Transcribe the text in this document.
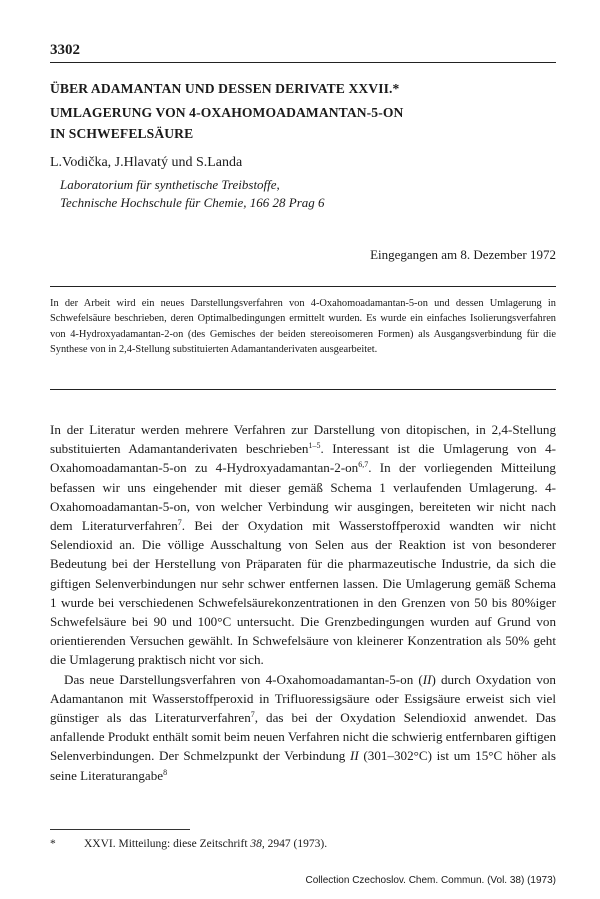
3302

ÜBER ADAMANTAN UND DESSEN DERIVATE XXVII.*

UMLAGERUNG VON 4-OXAHOMOADAMANTAN-5-ON

IN SCHWEFELSÄURE

L.Vodička, J.Hlavatý und S.Landa

Laboratorium für synthetische Treibstoffe,

Technische Hochschule für Chemie, 166 28 Prag 6

Eingegangen am 8. Dezember 1972
In der Arbeit wird ein neues Darstellungsverfahren von 4-Oxahomoadamantan-5-on und dessen Umlagerung in Schwefelsäure beschrieben, deren Optimalbedingungen ermittelt wurden. Es wurde ein einfaches Isolierungsverfahren von 4-Hydroxyadamantan-2-on (des Gemisches der beiden stereoisomeren Formen) als Ausgangsverbindung für die Synthese von in 2,4-Stellung substituierten Adamantanderivaten ausgearbeitet.

In der Literatur werden mehrere Verfahren zur Darstellung von ditopischen, in 2,4-Stellung substituierten Adamantanderivaten beschrieben$^{1-5}$. Interessant ist die Umlagerung von 4-Oxahomoadamantan-5-on zu 4-Hydroxyadamantan-2-on$^{6,7}$. In der vorliegenden Mitteilung befassen wir uns eingehender mit dieser gemäß Schema 1 verlaufenden Umlagerung. 4-Oxahomoadamantan-5-on, von welcher Verbindung wir ausgingen, bereiteten wir nicht nach dem Literaturverfahren$^7$. Bei der Oxydation mit Wasserstoffperoxid wandten wir nicht Selendioxid an. Die völlige Ausschaltung von Selen aus der Reaktion ist von besonderer Bedeutung bei der Herstellung von Präparaten für die pharmazeutische Industrie, da sich die giftigen Selenverbindungen nur sehr schwer entfernen lassen. Die Umlagerung gemäß Schema 1 wurde bei verschiedenen Schwefelsäurekonzentrationen in den Grenzen von 50 bis 80%iger Schwefelsäure bei 90 und 100°C untersucht. Die Grenzbedingungen wurden auf Grund von orientierenden Versuchen gewählt. In Schwefelsäure von kleinerer Konzentration als 50% geht die Umlagerung praktisch nicht vor sich.

Das neue Darstellungsverfahren von 4-Oxahomoadamantan-5-on (II) durch Oxydation von Adamantanon mit Wasserstoffperoxid in Trifluoressigsäure oder Essigsäure erweist sich viel günstiger als das Literaturverfahren$^7$, das bei der Oxydation Selendioxid anwendet. Das anfallende Produkt enthält somit beim neuen Verfahren nicht die schwierig entfernbaren giftigen Selenverbindungen. Der Schmelzpunkt der Verbindung II (301–302°C) ist um 15°C höher als seine Literaturangabe$^8$

* XXVI. Mitteilung: diese Zeitschrift 38, 2947 (1973).
Collection Czechoslov. Chem. Commun. (Vol. 38) (1973)
